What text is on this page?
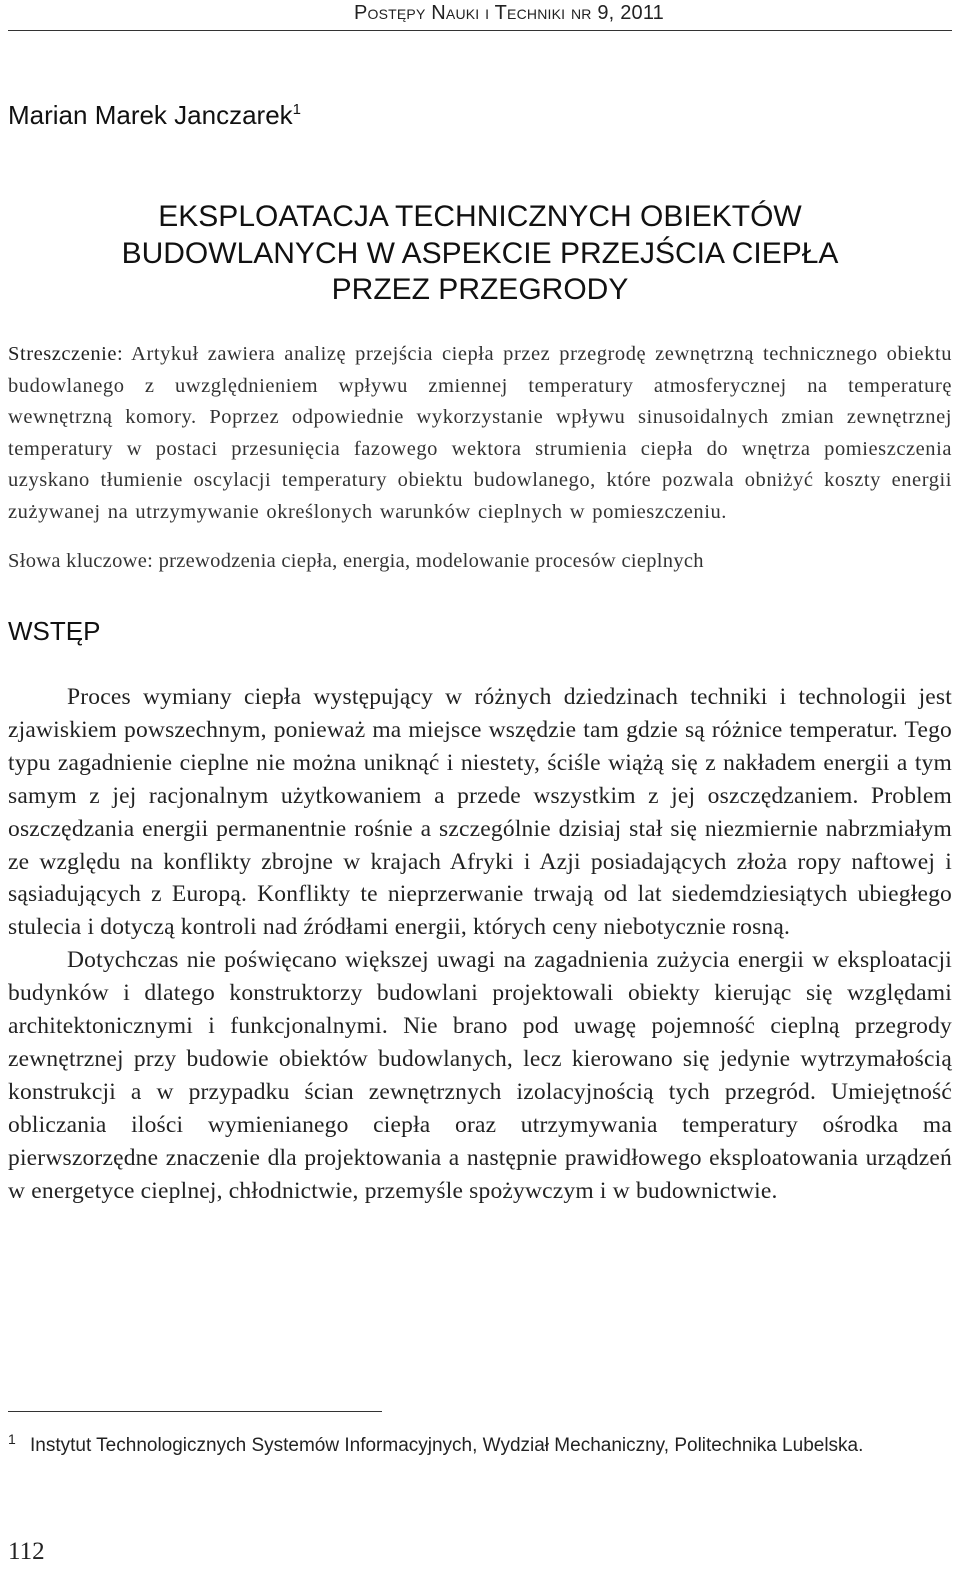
Postępy Nauki i Techniki nr 9, 2011
Marian Marek Janczarek$^1$
EKSPLOATACJA TECHNICZNYCH OBIEKTÓW
BUDOWLANYCH W ASPEKCIE PRZEJŚCIA CIEPŁA
PRZEZ PRZEGRODY
Streszczenie: Artykuł zawiera analizę przejścia ciepła przez przegrodę zewnętrzną technicznego obiektu budowlanego z uwzględnieniem wpływu zmiennej temperatury atmosferycznej na temperaturę wewnętrzną komory. Poprzez odpowiednie wykorzystanie wpływu sinusoidalnych zmian zewnętrznej temperatury w postaci przesunięcia fazowego wektora strumienia ciepła do wnętrza pomieszczenia uzyskano tłumienie oscylacji temperatury obiektu budowlanego, które pozwala obniżyć koszty energii zużywanej na utrzymywanie określonych warunków cieplnych w pomieszczeniu.
Słowa kluczowe: przewodzenia ciepła, energia, modelowanie procesów cieplnych
WSTĘP

Proces wymiany ciepła występujący w różnych dziedzinach techniki i technologii jest zjawiskiem powszechnym, ponieważ ma miejsce wszędzie tam gdzie są różnice temperatur. Tego typu zagadnienie cieplne nie można uniknąć i niestety, ściśle wiążą się z nakładem energii a tym samym z jej racjonalnym użytkowaniem a przede wszystkim z jej oszczędzaniem. Problem oszczędzania energii permanentnie rośnie a szczególnie dzisiaj stał się niezmiernie nabrzmiałym ze względu na konflikty zbrojne w krajach Afryki i Azji posiadających złoża ropy naftowej i sąsiadujących z Europą. Konflikty te nieprzerwanie trwają od lat siedemdziesiątych ubiegłego stulecia i dotyczą kontroli nad źródłami energii, których ceny niebotycznie rosną.

Dotychczas nie poświęcano większej uwagi na zagadnienia zużycia energii w eksploatacji budynków i dlatego konstruktorzy budowlani projektowali obiekty kierując się względami architektonicznymi i funkcjonalnymi. Nie brano pod uwagę pojemność cieplną przegrody zewnętrznej przy budowie obiektów budowlanych, lecz kierowano się jedynie wytrzymałością konstrukcji a w przypadku ścian zewnętrznych izolacyjnością tych przegród. Umiejętność obliczania ilości wymienianego ciepła oraz utrzymywania temperatury ośrodka ma pierwszorzędne znaczenie dla projektowania a następnie prawidłowego eksploatowania urządzeń w energetyce cieplnej, chłodnictwie, przemyśle spożywczym i w budownictwie.

1 Instytut Technologicznych Systemów Informacyjnych, Wydział Mechaniczny, Politechnika Lubelska.
112
